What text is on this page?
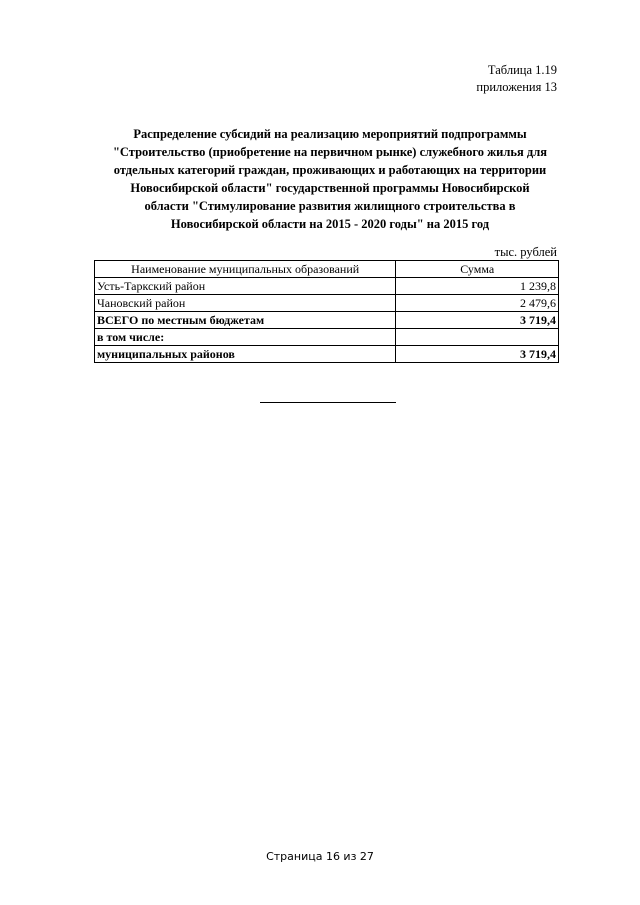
Таблица 1.19
приложения 13
Распределение субсидий на реализацию мероприятий подпрограммы
"Строительство (приобретение на первичном рынке) служебного жилья для
отдельных категорий граждан, проживающих и работающих на территории
Новосибирской области" государственной программы Новосибирской
области "Стимулирование развития жилищного строительства в
Новосибирской области на 2015 - 2020 годы" на 2015 год
тыс. рублей
Наименование муниципальных образований	Сумма
Усть-Таркский район	1 239,8
Чановский район	2 479,6
ВСЕГО по местным бюджетам	3 719,4
в том числе:	
муниципальных районов	3 719,4
Страница 16 из 27
